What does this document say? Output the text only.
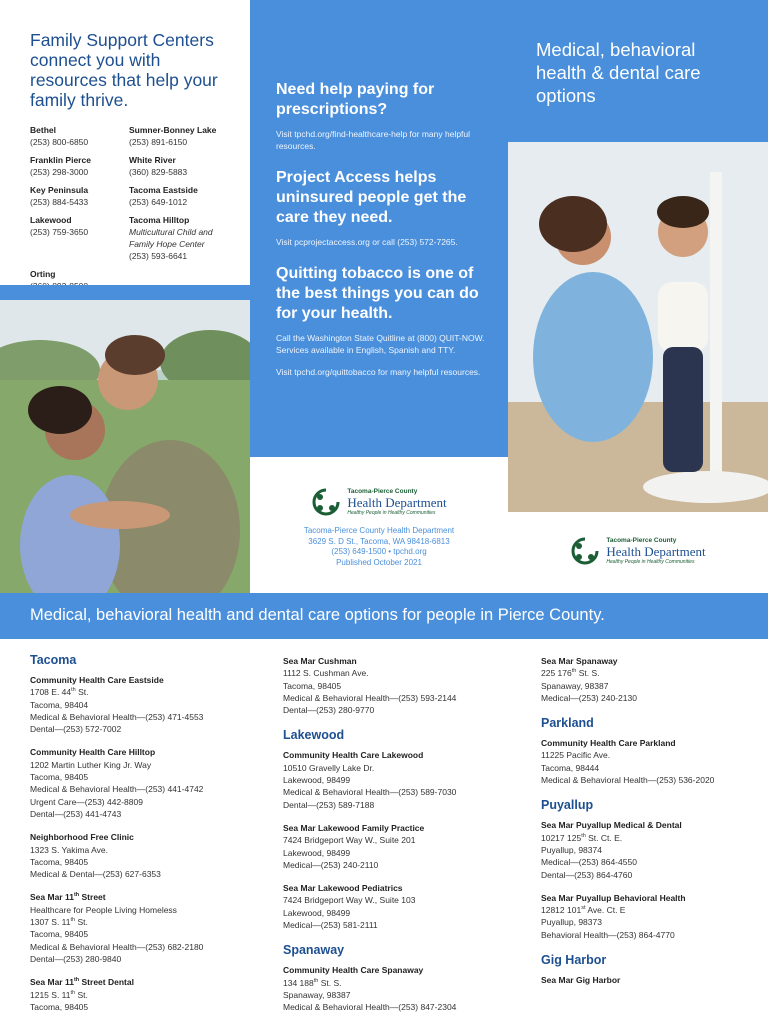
Family Support Centers connect you with resources that help your family thrive.
Bethel
(253) 800-6850
Sumner-Bonney Lake
(253) 891-6150
Franklin Pierce
(253) 298-3000
White River
(360) 829-5883
Key Peninsula
(253) 884-5433
Tacoma Eastside
(253) 649-1012
Lakewood
(253) 759-3650
Tacoma Hilltop
Multicultural Child and Family Hope Center
(253) 593-6641
Orting
Need help paying for prescriptions?

Visit tpchd.org/find-healthcare-help for many helpful resources.

Project Access helps uninsured people get the care they need.

Visit pcprojectaccess.org or call (253) 572-7265.

Quitting tobacco is one of the best things you can do for your health.

Call the Washington State Quitline at (800) QUIT-NOW. Services available in English, Spanish and TTY.

Visit tpchd.org/quittobacco for many helpful resources.

Tacoma-Pierce County
Health Department
Healthy People in Healthy Communities
Tacoma-Pierce County Health Department
3629 S. D St., Tacoma, WA 98418-6813
(253) 649-1500 • tpchd.org
Published October 2021
Medical, behavioral health & dental care options
Tacoma-Pierce County
Health Department
Healthy People in Healthy Communities
Medical, behavioral health and dental care options for people in Pierce County.
Tacoma
Community Health Care Eastside
1708 E. 44th St.
Tacoma, 98404
Medical & Behavioral Health—(253) 471-4553
Dental—(253) 572-7002
Community Health Care Hilltop
1202 Martin Luther King Jr. Way
Tacoma, 98405
Medical & Behavioral Health—(253) 441-4742
Urgent Care—(253) 442-8809
Dental—(253) 441-4743
Neighborhood Free Clinic
1323 S. Yakima Ave.
Tacoma, 98405
Medical & Dental—(253) 627-6353
Sea Mar 11th Street
Healthcare for People Living Homeless
1307 S. 11th St.
Tacoma, 98405
Medical & Behavioral Health—(253) 682-2180
Dental—(253) 280-9840
Sea Mar 11th Street Dental
1215 S. 11th St.
Tacoma, 98405
Sea Mar Cushman
1112 S. Cushman Ave.
Tacoma, 98405
Medical & Behavioral Health—(253) 593-2144
Dental—(253) 280-9770
Lakewood
Community Health Care Lakewood
10510 Gravelly Lake Dr.
Lakewood, 98499
Medical & Behavioral Health—(253) 589-7030
Dental—(253) 589-7188
Sea Mar Lakewood Family Practice
7424 Bridgeport Way W., Suite 201
Lakewood, 98499
Medical—(253) 240-2110
Sea Mar Lakewood Pediatrics
7424 Bridgeport Way W., Suite 103
Lakewood, 98499
Medical—(253) 581-2111
Spanaway
Community Health Care Spanaway
134 188th St. S.
Spanaway, 98387
Medical & Behavioral Health—(253) 847-2304
Sea Mar Spanaway
225 176th St. S.
Spanaway, 98387
Medical—(253) 240-2130
Parkland
Community Health Care Parkland
11225 Pacific Ave.
Tacoma, 98444
Medical & Behavioral Health—(253) 536-2020
Puyallup
Sea Mar Puyallup Medical & Dental
10217 125th St. Ct. E.
Puyallup, 98374
Medical—(253) 864-4550
Dental—(253) 864-4760
Sea Mar Puyallup Behavioral Health
12812 101st Ave. Ct. E
Puyallup, 98373
Behavioral Health—(253) 864-4770
Gig Harbor
Sea Mar Gig Harbor
